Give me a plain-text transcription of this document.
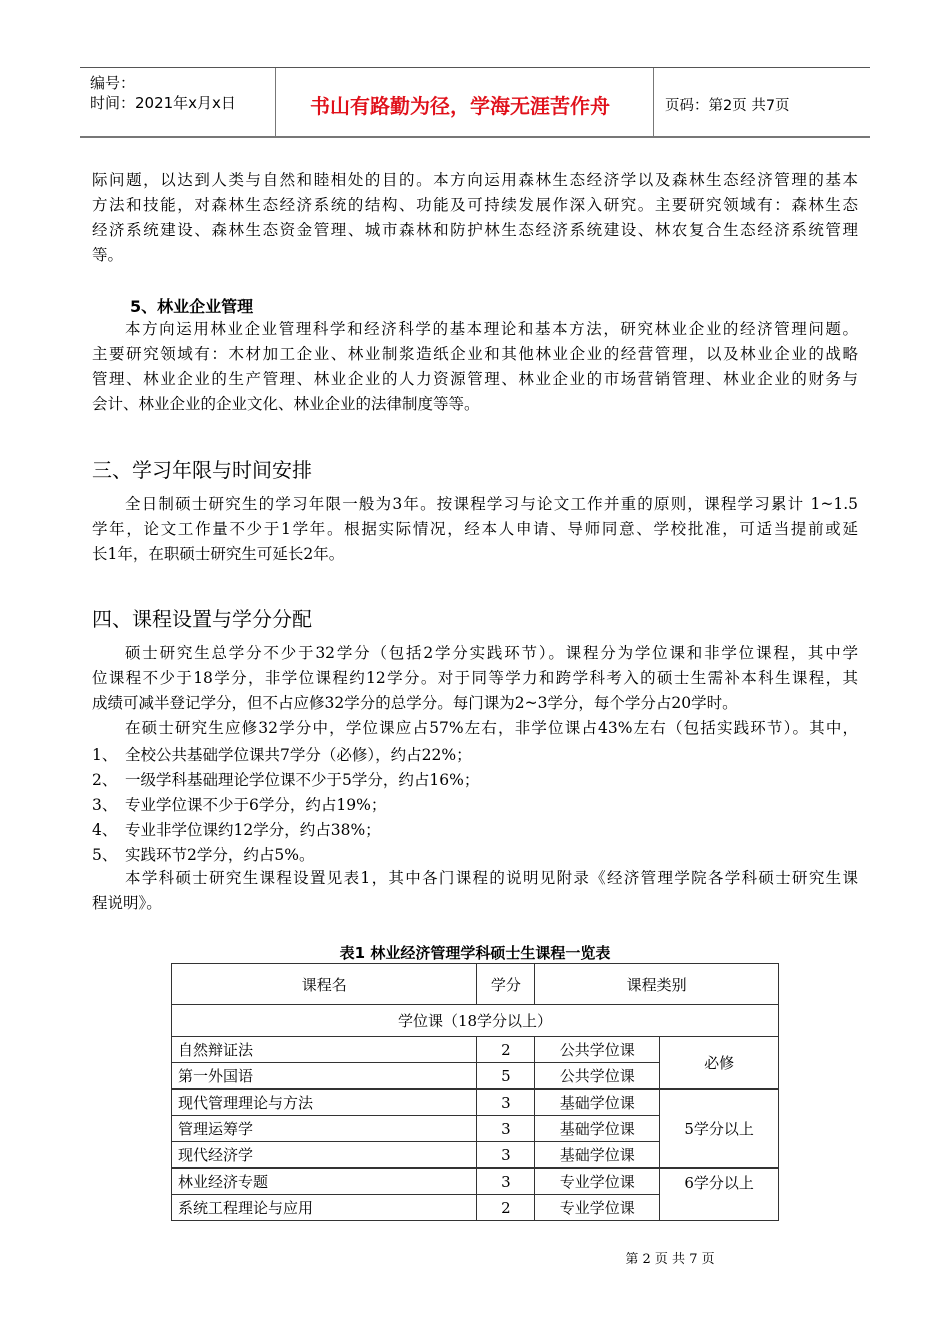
编号：
时间：2021年x月x日	书山有路勤为径，学海无涯苦作舟	页码：第2页 共7页
际问题，以达到人类与自然和睦相处的目的。本方向运用森林生态经济学以及森林生态经济管理的基本
方法和技能，对森林生态经济系统的结构、功能及可持续发展作深入研究。主要研究领域有：森林生态
经济系统建设、森林生态资金管理、城市森林和防护林生态经济系统建设、林农复合生态经济系统管理
等。
5、林业企业管理
本方向运用林业企业管理科学和经济科学的基本理论和基本方法，研究林业企业的经济管理问题。
主要研究领域有：木材加工企业、林业制浆造纸企业和其他林业企业的经营管理，以及林业企业的战略
管理、林业企业的生产管理、林业企业的人力资源管理、林业企业的市场营销管理、林业企业的财务与
会计、林业企业的企业文化、林业企业的法律制度等等。
三、学习年限与时间安排
全日制硕士研究生的学习年限一般为3年。按课程学习与论文工作并重的原则，课程学习累计 1~1.5
学年，论文工作量不少于1学年。根据实际情况，经本人申请、导师同意、学校批准，可适当提前或延
长1年，在职硕士研究生可延长2年。
四、课程设置与学分分配
硕士研究生总学分不少于32学分（包括2学分实践环节）。课程分为学位课和非学位课程，其中学
位课程不少于18学分，非学位课程约12学分。对于同等学力和跨学科考入的硕士生需补本科生课程，其
成绩可减半登记学分，但不占应修32学分的总学分。每门课为2~3学分，每个学分占20学时。
在硕士研究生应修32学分中，学位课应占57%左右，非学位课占43%左右（包括实践环节）。其中，
1、 全校公共基础学位课共7学分（必修），约占22%；
2、 一级学科基础理论学位课不少于5学分，约占16%；
3、 专业学位课不少于6学分，约占19%；
4、 专业非学位课约12学分，约占38%；
5、 实践环节2学分，约占5%。
本学科硕士研究生课程设置见表1，其中各门课程的说明见附录《经济管理学院各学科硕士研究生课
程说明》。
表1 林业经济管理学科硕士生课程一览表
课程名	学分	课程类别	
学位课（18学分以上）			
自然辩证法	2	公共学位课	必修
第一外国语	5	公共学位课	
现代管理理论与方法	3	基础学位课	5学分以上
管理运筹学	3	基础学位课	
现代经济学	3	基础学位课	
林业经济专题	3	专业学位课	6学分以上
系统工程理论与应用	2	专业学位课	
第 2 页 共 7 页
